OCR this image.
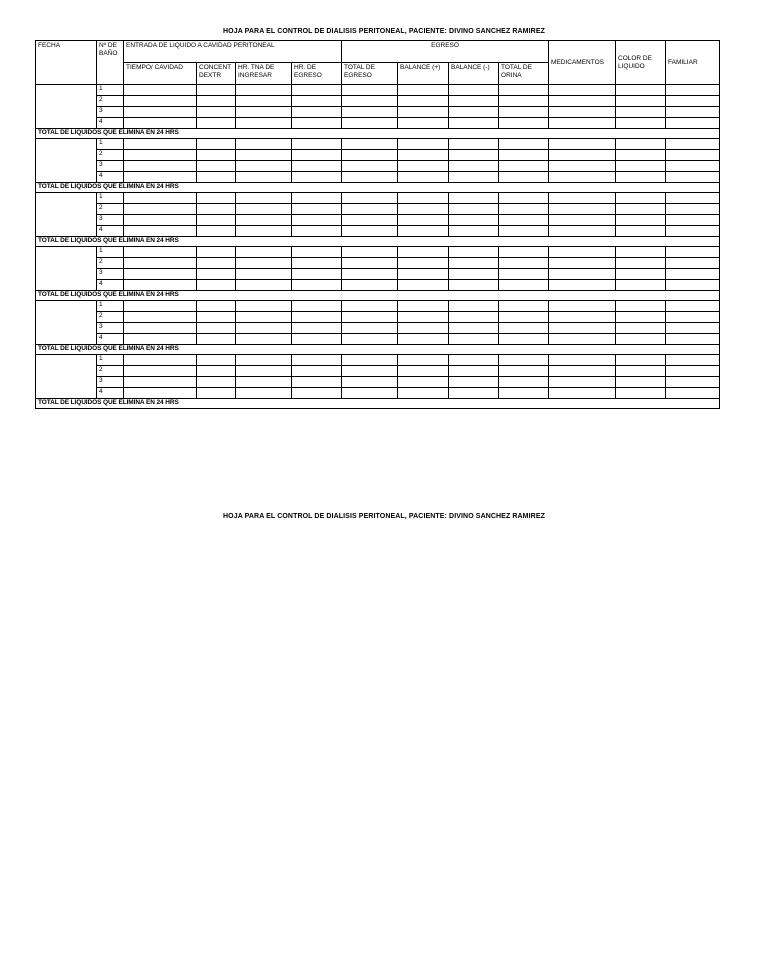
HOJA PARA EL CONTROL DE DIALISIS PERITONEAL, PACIENTE: DIVINO SANCHEZ RAMIREZ
FECHA	Nº DE BAÑO	ENTRADA DE LIQUIDO A CAVIDAD PERITONEAL				EGRESO				MEDICAMENTOS	COLOR DE LIQUIDO	FAMILIAR
		TIEMPO/ CAVIDAD	CONCENT DEXTR	HR. TNA DE INGRESAR	HR. DE EGRESO	TOTAL DE EGRESO	BALANCE (+)	BALANCE (-)	TOTAL DE ORINA			
	1											
	2											
	3											
	4											
TOTAL DE LIQUIDOS QUE ELIMINA EN 24 HRS												
	1											
	2											
	3											
	4											
TOTAL DE LIQUIDOS QUE ELIMINA EN 24 HRS												
	1											
	2											
	3											
	4											
TOTAL DE LIQUIDOS QUE ELIMINA EN 24 HRS												
	1											
	2											
	3											
	4											
TOTAL DE LIQUIDOS QUE ELIMINA EN 24 HRS												
	1											
	2											
	3											
	4											
TOTAL DE LIQUIDOS QUE ELIMINA EN 24 HRS												
	1											
	2											
	3											
	4											
TOTAL DE LIQUIDOS QUE ELIMINA EN 24 HRS												
HOJA PARA EL CONTROL DE DIALISIS PERITONEAL, PACIENTE: DIVINO SANCHEZ RAMIREZ
